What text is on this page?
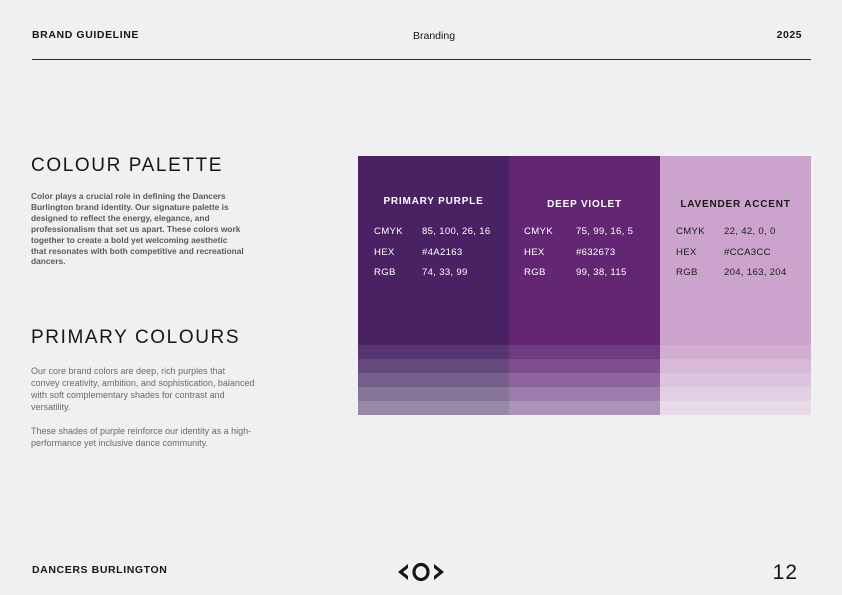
BRAND GUIDELINE	Branding	2025
COLOUR PALETTE
Color plays a crucial role in defining the Dancers Burlington brand identity. Our signature palette is designed to reflect the energy, elegance, and professionalism that set us apart. These colors work together to create a bold yet welcoming aesthetic that resonates with both competitive and recreational dancers.
PRIMARY COLOURS

Our core brand colors are deep, rich purples that convey creativity, ambition, and sophistication, balanced with soft complementary shades for contrast and versatility.

These shades of purple reinforce our identity as a high-performance yet inclusive dance community.

PRIMARY PURPLE
CMYK	85, 100, 26, 16
HEX	#4A2163
RGB	74, 33, 99
DEEP VIOLET
CMYK	75, 99, 16, 5
HEX	#632673
RGB	99, 38, 115
LAVENDER ACCENT
CMYK	22, 42, 0, 0
HEX	#CCA3CC
RGB	204, 163, 204
DANCERS BURLINGTON	12
